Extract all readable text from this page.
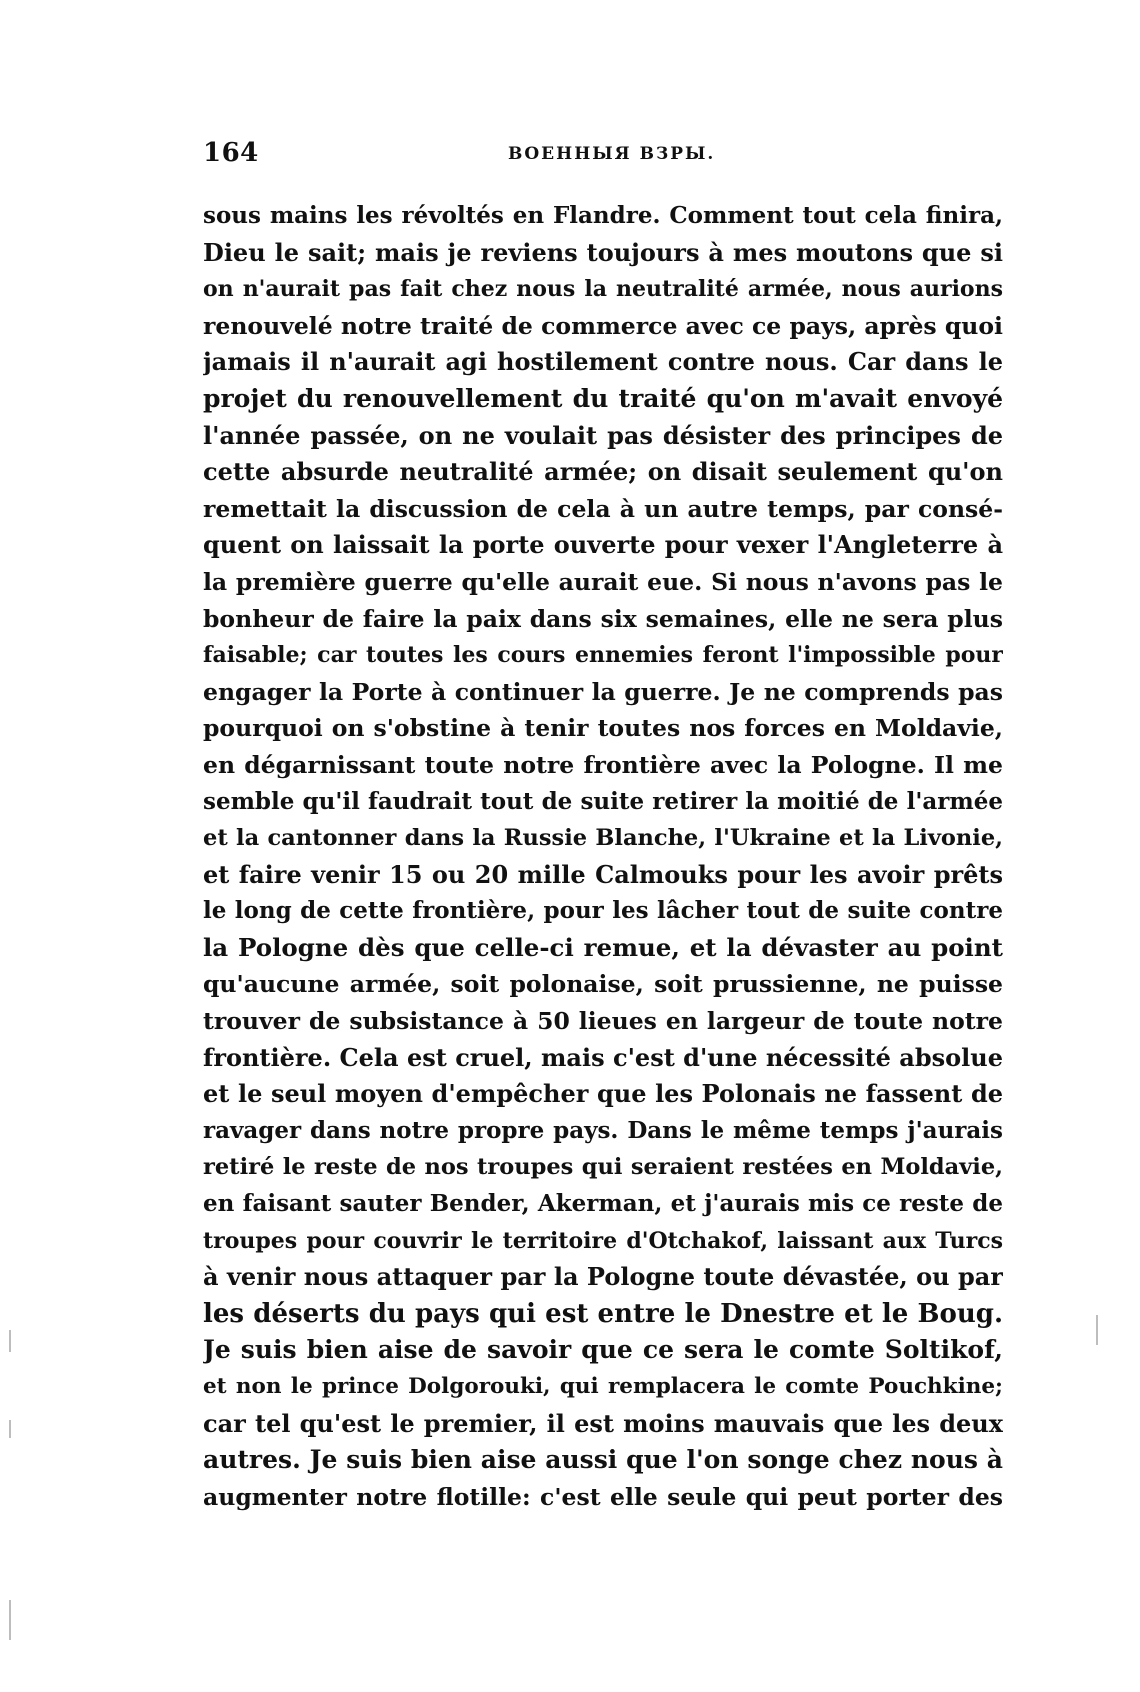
164	ВОЕННЫЯ ВЗРЫ.
sous mains les révoltés en Flandre. Comment tout cela finira,
Dieu le sait; mais je reviens toujours à mes moutons que si
on n'aurait pas fait chez nous la neutralité armée, nous aurions
renouvelé notre traité de commerce avec ce pays, après quoi
jamais il n'aurait agi hostilement contre nous. Car dans le
projet du renouvellement du traité qu'on m'avait envoyé
l'année passée, on ne voulait pas désister des principes de
cette absurde neutralité armée; on disait seulement qu'on
remettait la discussion de cela à un autre temps, par consé-
quent on laissait la porte ouverte pour vexer l'Angleterre à
la première guerre qu'elle aurait eue. Si nous n'avons pas le
bonheur de faire la paix dans six semaines, elle ne sera plus
faisable; car toutes les cours ennemies feront l'impossible pour
engager la Porte à continuer la guerre. Je ne comprends pas
pourquoi on s'obstine à tenir toutes nos forces en Moldavie,
en dégarnissant toute notre frontière avec la Pologne. Il me
semble qu'il faudrait tout de suite retirer la moitié de l'armée
et la cantonner dans la Russie Blanche, l'Ukraine et la Livonie,
et faire venir 15 ou 20 mille Calmouks pour les avoir prêts
le long de cette frontière, pour les lâcher tout de suite contre
la Pologne dès que celle-ci remue, et la dévaster au point
qu'aucune armée, soit polonaise, soit prussienne, ne puisse
trouver de subsistance à 50 lieues en largeur de toute notre
frontière. Cela est cruel, mais c'est d'une nécessité absolue
et le seul moyen d'empêcher que les Polonais ne fassent de
ravager dans notre propre pays. Dans le même temps j'aurais
retiré le reste de nos troupes qui seraient restées en Moldavie,
en faisant sauter Bender, Akerman, et j'aurais mis ce reste de
troupes pour couvrir le territoire d'Otchakof, laissant aux Turcs
à venir nous attaquer par la Pologne toute dévastée, ou par
les déserts du pays qui est entre le Dnestre et le Boug.
Je suis bien aise de savoir que ce sera le comte Soltikof,
et non le prince Dolgorouki, qui remplacera le comte Pouchkine;
car tel qu'est le premier, il est moins mauvais que les deux
autres. Je suis bien aise aussi que l'on songe chez nous à
augmenter notre flotille: c'est elle seule qui peut porter des
